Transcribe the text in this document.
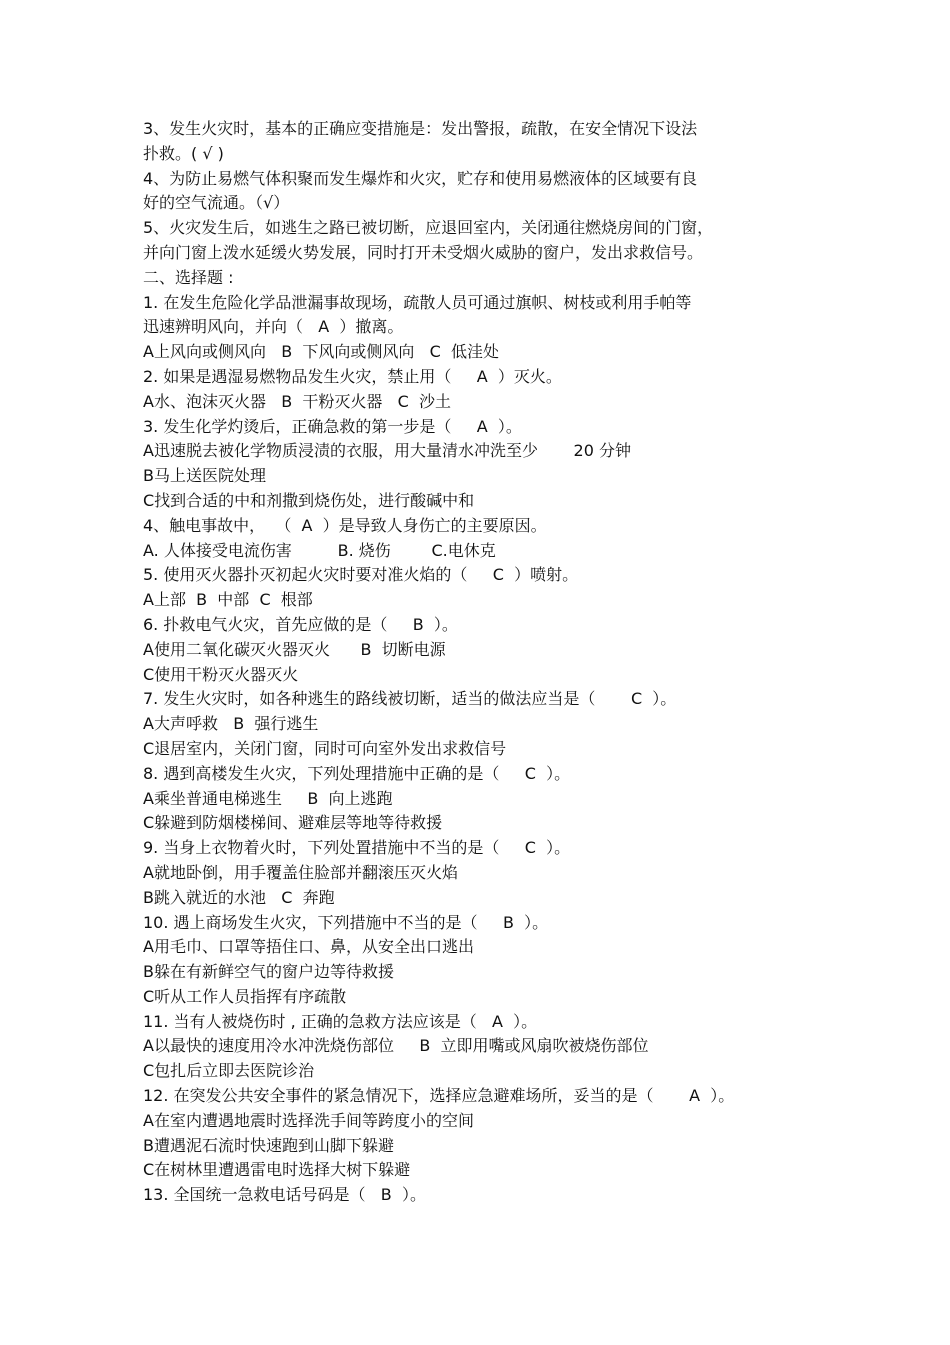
3、发生火灾时，基本的正确应变措施是：发出警报，疏散，在安全情况下设法

扑救。( √ )

4、为防止易燃气体积聚而发生爆炸和火灾，贮存和使用易燃液体的区域要有良

好的空气流通。（√）

5、火灾发生后，如逃生之路已被切断，应退回室内，关闭通往燃烧房间的门窗，

并向门窗上泼水延缓火势发展，同时打开未受烟火威胁的窗户，发出求救信号。

二、选择题 :

1. 在发生危险化学品泄漏事故现场，疏散人员可通过旗帜、树枝或利用手帕等

迅速辨明风向，并向（   A  ）撤离。

A上风向或侧风向   B  下风向或侧风向   C  低洼处

2. 如果是遇湿易燃物品发生火灾，禁止用（     A  ）灭火。

A水、泡沫灭火器   B  干粉灭火器   C  沙土

3. 发生化学灼烫后，正确急救的第一步是（     A  ）。

A迅速脱去被化学物质浸渍的衣服，用大量清水冲洗至少       20 分钟

B马上送医院处理

C找到合适的中和剂撒到烧伤处，进行酸碱中和

4、触电事故中，  （  A  ）是导致人身伤亡的主要原因。

A. 人体接受电流伤害         B. 烧伤        C.电休克

5. 使用灭火器扑灭初起火灾时要对准火焰的（     C  ）喷射。

A上部  B  中部  C  根部

6. 扑救电气火灾，首先应做的是（     B  ）。

A使用二氧化碳灭火器灭火      B  切断电源

C使用干粉灭火器灭火

7. 发生火灾时，如各种逃生的路线被切断，适当的做法应当是（       C  ）。

A大声呼救   B  强行逃生

C退居室内，关闭门窗，同时可向室外发出求救信号

8. 遇到高楼发生火灾，下列处理措施中正确的是（     C  ）。

A乘坐普通电梯逃生     B  向上逃跑

C躲避到防烟楼梯间、避难层等地等待救援

9. 当身上衣物着火时，下列处置措施中不当的是（     C  ）。

A就地卧倒，用手覆盖住脸部并翻滚压灭火焰

B跳入就近的水池   C  奔跑

10. 遇上商场发生火灾，下列措施中不当的是（     B  ）。

A用毛巾、口罩等捂住口、鼻，从安全出口逃出

B躲在有新鲜空气的窗户边等待救援

C听从工作人员指挥有序疏散

11. 当有人被烧伤时 , 正确的急救方法应该是（   A  ）。

A以最快的速度用冷水冲洗烧伤部位     B  立即用嘴或风扇吹被烧伤部位

C包扎后立即去医院诊治

12. 在突发公共安全事件的紧急情况下，选择应急避难场所，妥当的是（       A  ）。

A在室内遭遇地震时选择洗手间等跨度小的空间

B遭遇泥石流时快速跑到山脚下躲避

C在树林里遭遇雷电时选择大树下躲避

13. 全国统一急救电话号码是（   B  ）。
